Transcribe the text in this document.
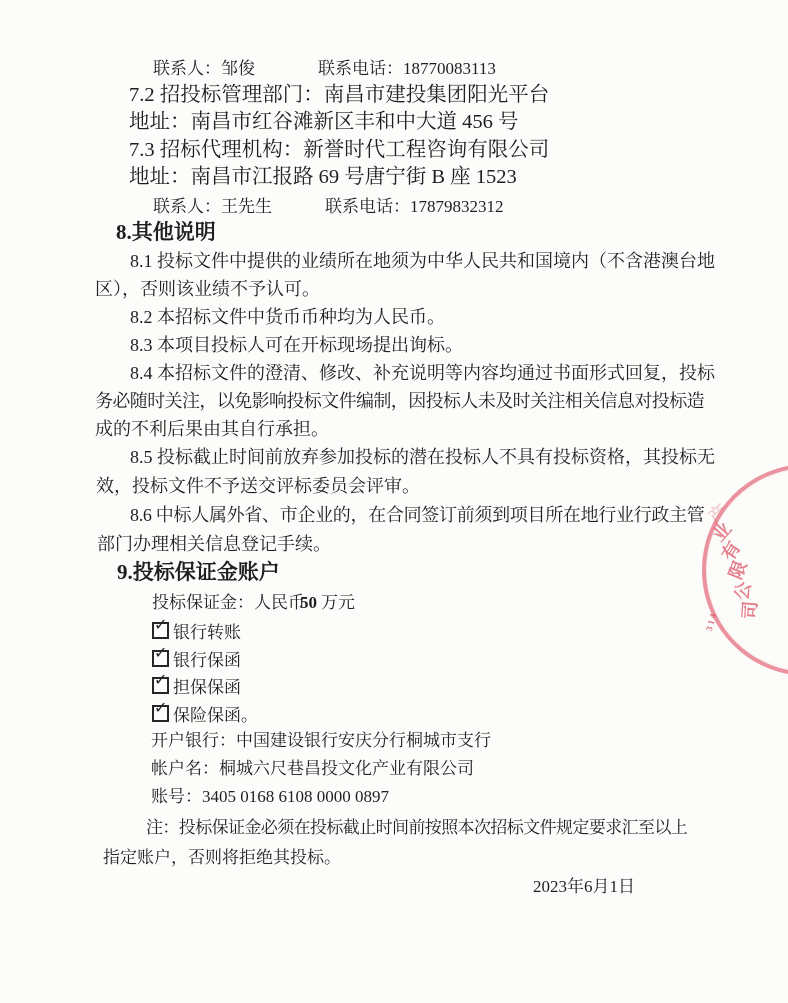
联系人：邹俊	联系电话：18770083113
7.2 招投标管理部门：南昌市建投集团阳光平台
地址：南昌市红谷滩新区丰和中大道 456 号
7.3 招标代理机构：新誉时代工程咨询有限公司
地址：南昌市江报路 69 号唐宁街 B 座 1523
联系人：王先生	联系电话：17879832312
8.其他说明
8.1 投标文件中提供的业绩所在地须为中华人民共和国境内（不含港澳台地
区），否则该业绩不予认可。
8.2 本招标文件中货币币种均为人民币。
8.3 本项目投标人可在开标现场提出询标。
8.4 本招标文件的澄清、修改、补充说明等内容均通过书面形式回复，投标
务必随时关注，以免影响投标文件编制，因投标人未及时关注相关信息对投标造
成的不利后果由其自行承担。
8.5 投标截止时间前放弃参加投标的潜在投标人不具有投标资格，其投标无
效，投标文件不予送交评标委员会评审。
8.6 中标人属外省、市企业的，在合同签订前须到项目所在地行业行政主管
部门办理相关信息登记手续。
9.投标保证金账户
投标保证金：人民币
50 万元
✓ 银行转账
✓ 银行保函
✓ 担保保函
✓ 保险保函。
开户银行：中国建设银行安庆分行桐城市支行
帐户名：桐城六尺巷昌投文化产业有限公司
账号：3405 0168 6108 0000 0897
注：投标保证金必须在投标截止时间前按照本次招标文件规定要求汇至以上
指定账户，否则将拒绝其投标。
2023年6月1日
产
业
有
限
公
司
314
